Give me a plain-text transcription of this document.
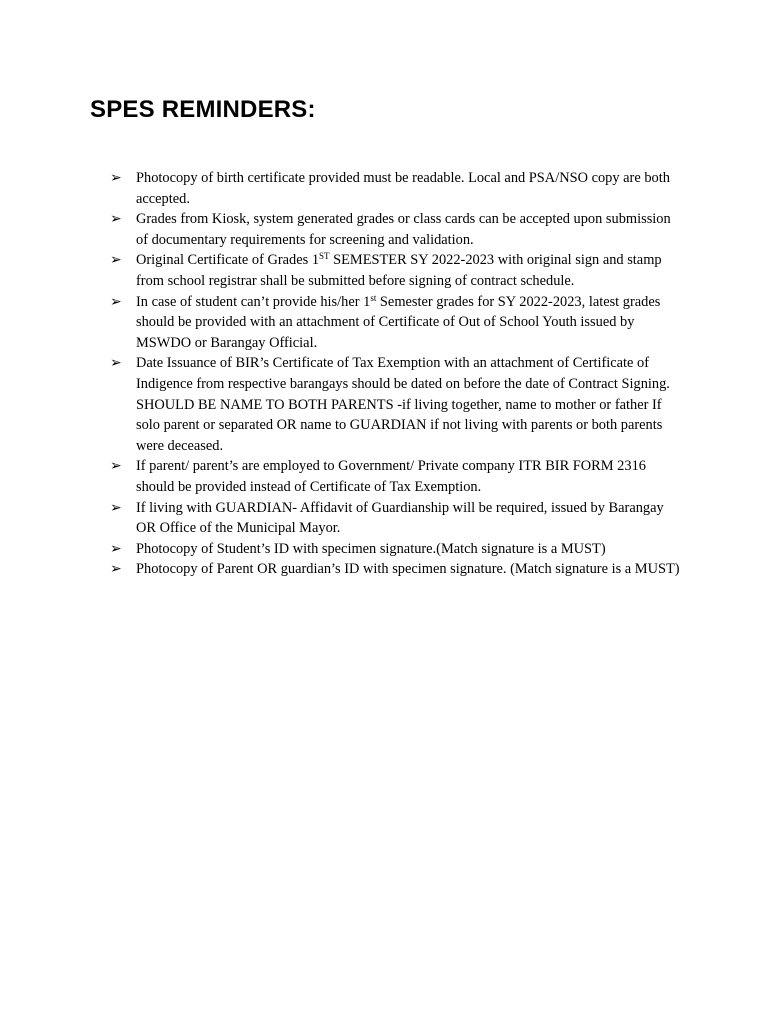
SPES REMINDERS:
➢ Photocopy of birth certificate provided must be readable. Local and PSA/NSO copy are both accepted.
➢ Grades from Kiosk, system generated grades or class cards can be accepted upon submission of documentary requirements for screening and validation.
➢ Original Certificate of Grades 1ST SEMESTER SY 2022-2023 with original sign and stamp from school registrar shall be submitted before signing of contract schedule.
➢ In case of student can’t provide his/her 1st Semester grades for SY 2022-2023, latest grades should be provided with an attachment of Certificate of Out of School Youth issued by MSWDO or Barangay Official.
➢ Date Issuance of BIR’s Certificate of Tax Exemption with an attachment of Certificate of Indigence from respective barangays should be dated on before the date of Contract Signing. SHOULD BE NAME TO BOTH PARENTS -if living together, name to mother or father If solo parent or separated OR name to GUARDIAN if not living with parents or both parents were deceased.
➢ If parent/ parent’s are employed to Government/ Private company ITR BIR FORM 2316 should be provided instead of Certificate of Tax Exemption.
➢ If living with GUARDIAN- Affidavit of Guardianship will be required, issued by Barangay OR Office of the Municipal Mayor.
➢ Photocopy of Student’s ID with specimen signature.(Match signature is a MUST)
➢ Photocopy of Parent OR guardian’s ID with specimen signature. (Match signature is a MUST)
